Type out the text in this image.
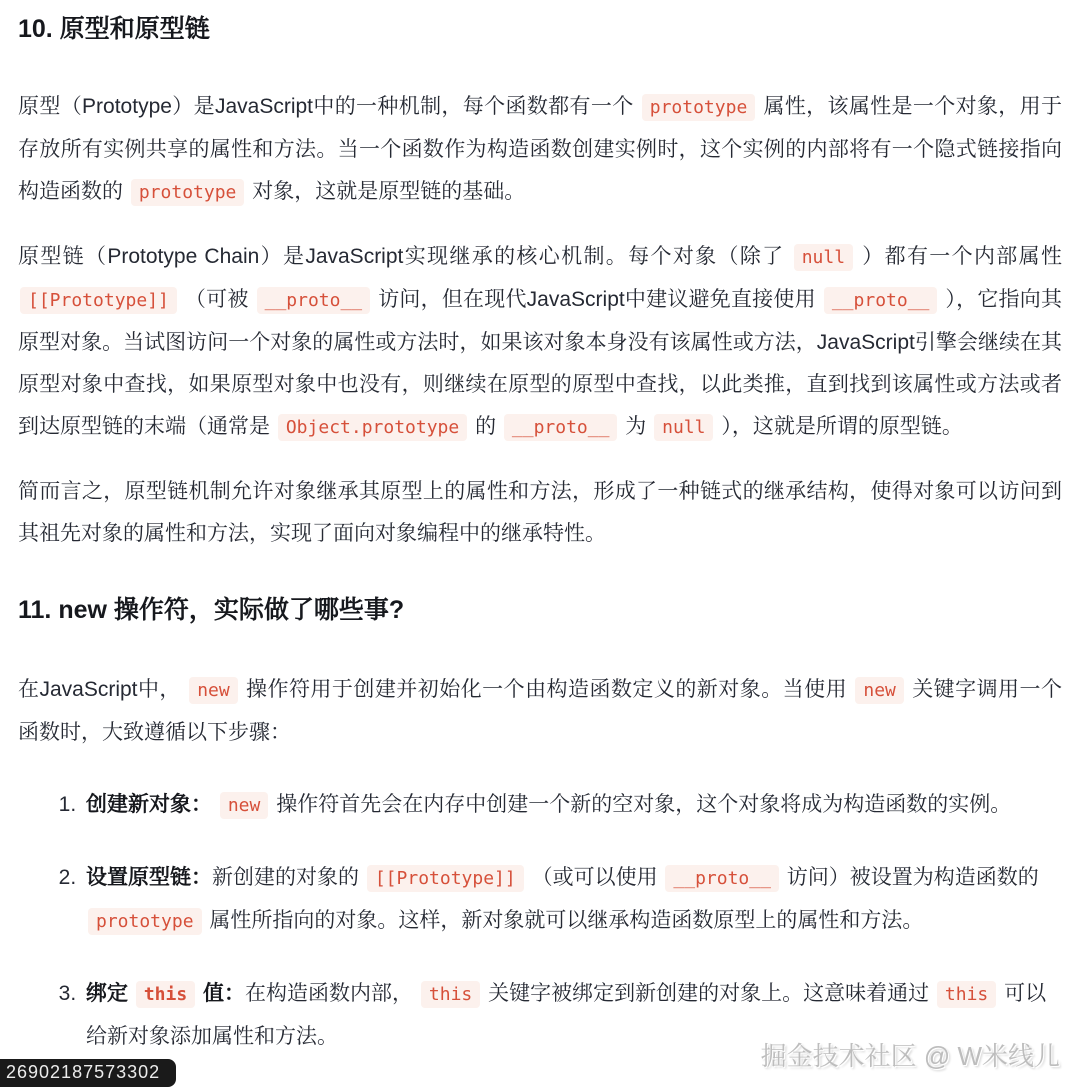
10. 原型和原型链

原型（Prototype）是JavaScript中的一种机制，每个函数都有一个 prototype 属性，该属性是一个对象，用于存放所有实例共享的属性和方法。当一个函数作为构造函数创建实例时，这个实例的内部将有一个隐式链接指向构造函数的 prototype 对象，这就是原型链的基础。

原型链（Prototype Chain）是JavaScript实现继承的核心机制。每个对象（除了 null ）都有一个内部属性 [[Prototype]] （可被 __proto__ 访问，但在现代JavaScript中建议避免直接使用 __proto__ ），它指向其原型对象。当试图访问一个对象的属性或方法时，如果该对象本身没有该属性或方法，JavaScript引擎会继续在其原型对象中查找，如果原型对象中也没有，则继续在原型的原型中查找，以此类推，直到找到该属性或方法或者到达原型链的末端（通常是 Object.prototype 的 __proto__ 为 null ），这就是所谓的原型链。

简而言之，原型链机制允许对象继承其原型上的属性和方法，形成了一种链式的继承结构，使得对象可以访问到其祖先对象的属性和方法，实现了面向对象编程中的继承特性。

11. new 操作符，实际做了哪些事?

在JavaScript中， new 操作符用于创建并初始化一个由构造函数定义的新对象。当使用 new 关键字调用一个函数时，大致遵循以下步骤：

1. 创建新对象： new 操作符首先会在内存中创建一个新的空对象，这个对象将成为构造函数的实例。
2. 设置原型链：新创建的对象的 [[Prototype]] （或可以使用 __proto__ 访问）被设置为构造函数的 prototype 属性所指向的对象。这样，新对象就可以继承构造函数原型上的属性和方法。
3. 绑定 this 值：在构造函数内部， this 关键字被绑定到新创建的对象上。这意味着通过 this 可以给新对象添加属性和方法。
掘金技术社区 @ W米线儿
26902187573302
